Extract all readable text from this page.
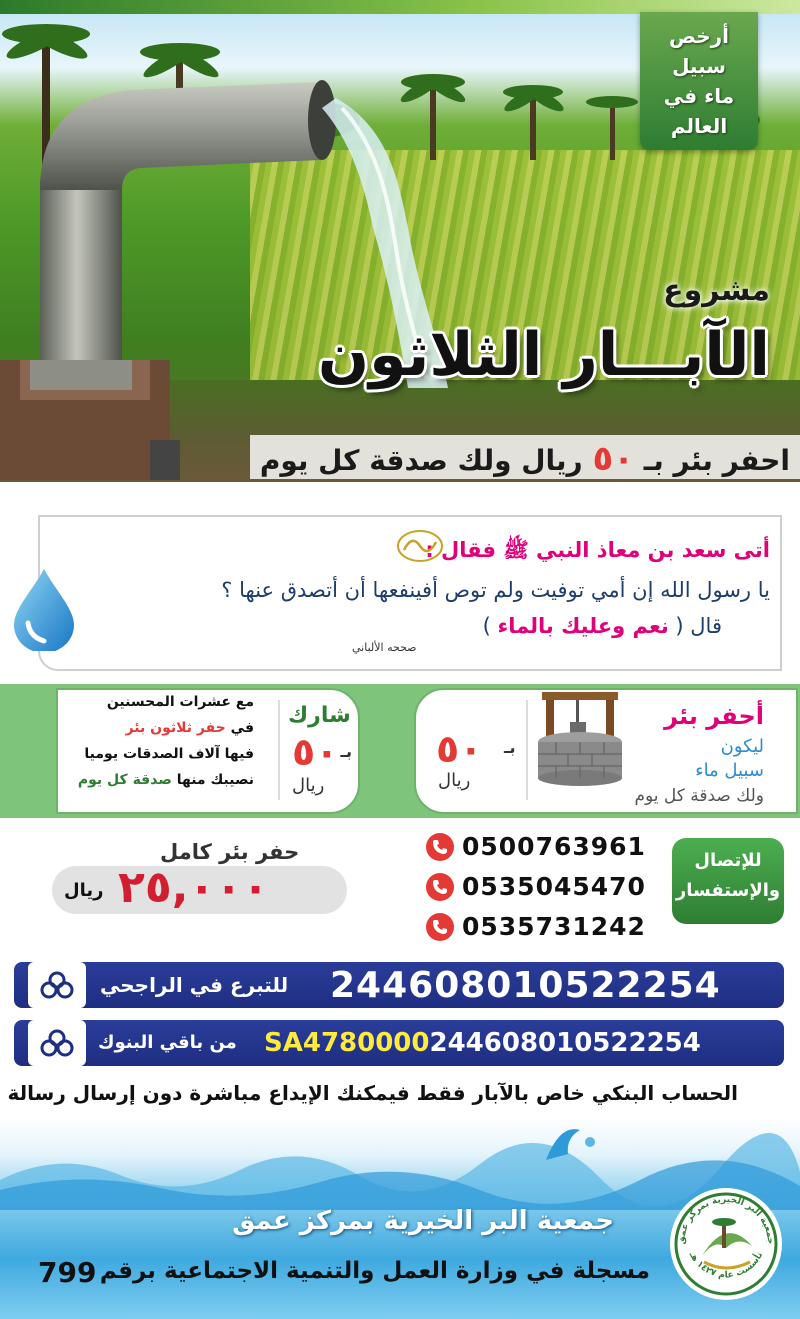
أرخص
سبيل
ماء في
العالم
مشروع
الآبـــار الثلاثون
احفر بئر بـ ٥٠ ريال ولك صدقة كل يوم
أتى سعد بن معاذ النبي ﷺ فقال :
يا رسول الله إن أمي توفيت ولم توص أفينفعها أن أتصدق عنها ؟
قال ( نعم وعليك بالماء )
صححه الألباني
أحفر بئر
ليكون
سبيل ماء
ولك صدقة كل يوم
بـ
٥٠
ريال
شارك
بـ
٥٠
ريال
مع عشرات المحسنين
في حفر ثلاثون بئر
فيها آلاف الصدقات يوميا
نصيبك منها صدقة كل يوم
حفر بئر كامل
٢٥,٠٠٠
ريال
للإتصال
والإستفسار
0500763961
0535045470
0535731242
للتبرع في الراجحي 244608010522254
من باقي البنوك SA4780000244608010522254
الحساب البنكي خاص بالآبار فقط فيمكنك الإيداع مباشرة دون إرسال رسالة
جمعية البر الخيرية بمركز عمق
مسجلة في وزارة العمل والتنمية الاجتماعية برقم
799
جمعية البر الخيرية بمركز عمق
تأسست عام ١٤٢٧ هـ
